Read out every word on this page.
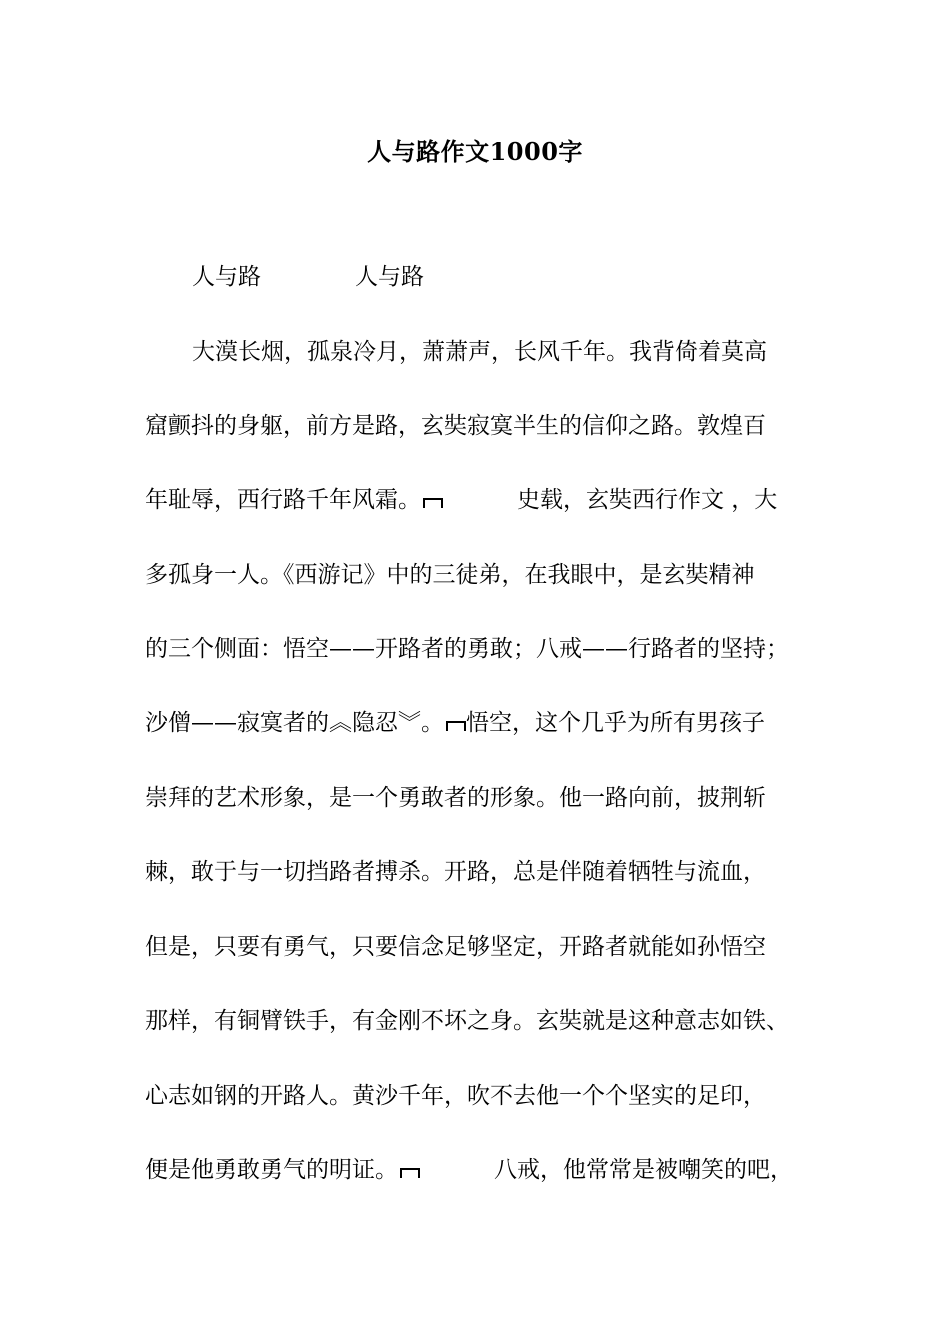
人与路作文1000字
人与路	人与路
大漠长烟，孤泉冷月，萧萧声，长风千年。我背倚着莫高
窟颤抖的身躯，前方是路，玄奘寂寞半生的信仰之路。敦煌百
年耻辱，西行路千年风霜。	史载，玄奘西行作文 ，大
多孤身一人。《西游记》中的三徒弟，在我眼中，是玄奘精神
的三个侧面：悟空——开路者的勇敢；八戒——行路者的坚持；
沙僧——寂寞者的︽隐忍︾。 悟空，这个几乎为所有男孩子
崇拜的艺术形象，是一个勇敢者的形象。他一路向前，披荆斩
棘，敢于与一切挡路者搏杀。开路，总是伴随着牺牲与流血，
但是，只要有勇气，只要信念足够坚定，开路者就能如孙悟空
那样，有铜臂铁手，有金刚不坏之身。玄奘就是这种意志如铁、
心志如钢的开路人。黄沙千年，吹不去他一个个坚实的足印，
便是他勇敢勇气的明证。	八戒，他常常是被嘲笑的吧，
